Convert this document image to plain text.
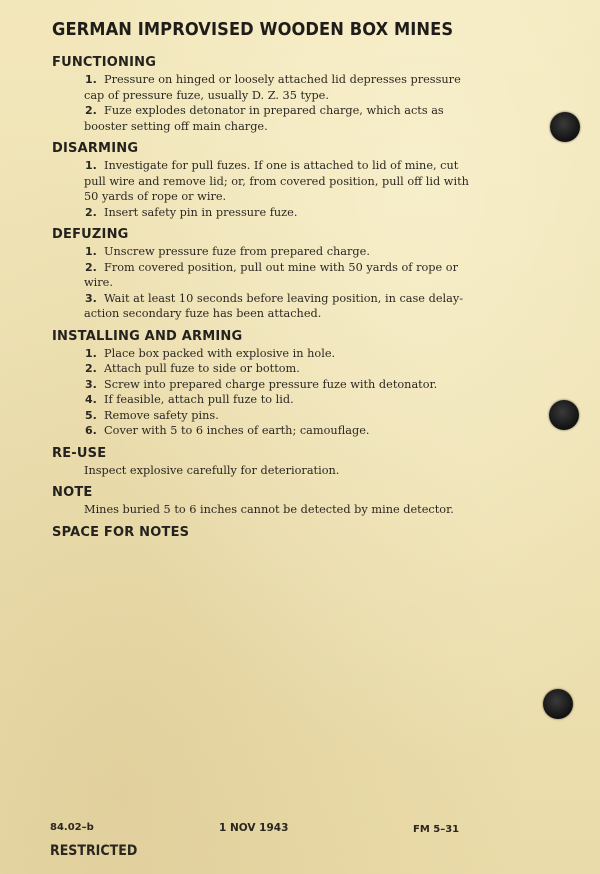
GERMAN IMPROVISED WOODEN BOX MINES
FUNCTIONING
1. Pressure on hinged or loosely attached lid depresses pressure cap of pressure fuze, usually D. Z. 35 type.
2. Fuze explodes detonator in prepared charge, which acts as booster setting off main charge.
DISARMING
1. Investigate for pull fuzes. If one is attached to lid of mine, cut pull wire and remove lid; or, from covered position, pull off lid with 50 yards of rope or wire.
2. Insert safety pin in pressure fuze.
DEFUZING
1. Unscrew pressure fuze from prepared charge.
2. From covered position, pull out mine with 50 yards of rope or wire.
3. Wait at least 10 seconds before leaving position, in case delay-action secondary fuze has been attached.
INSTALLING AND ARMING
1. Place box packed with explosive in hole.
2. Attach pull fuze to side or bottom.
3. Screw into prepared charge pressure fuze with detonator.
4. If feasible, attach pull fuze to lid.
5. Remove safety pins.
6. Cover with 5 to 6 inches of earth; camouflage.
RE-USE

Inspect explosive carefully for deterioration.

NOTE

Mines buried 5 to 6 inches cannot be detected by mine detector.

SPACE FOR NOTES
84.02–b	1 NOV 1943	FM 5–31
RESTRICTED
